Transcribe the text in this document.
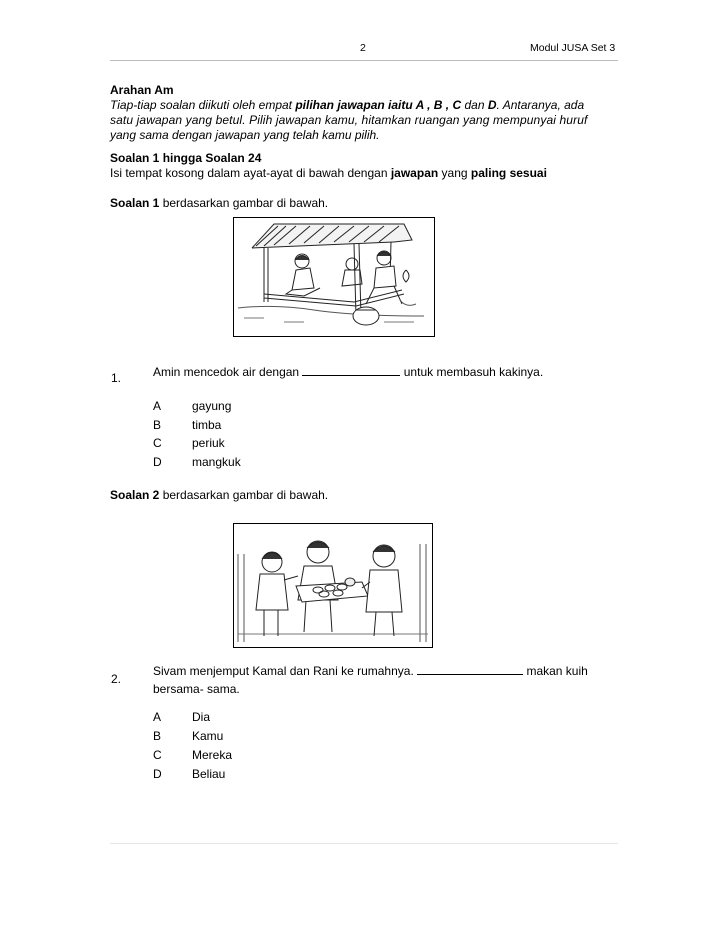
2	Modul JUSA Set 3
Arahan Am
Tiap-tiap soalan diikuti oleh empat pilihan jawapan iaitu A , B , C dan D. Antaranya, ada
satu jawapan yang betul. Pilih jawapan kamu, hitamkan ruangan yang mempunyai huruf
yang sama dengan jawapan yang telah kamu pilih.
Soalan 1 hingga Soalan 24
Isi tempat kosong dalam ayat-ayat di bawah dengan jawapan yang paling sesuai
Soalan 1 berdasarkan gambar di bawah.
1.	Amin mencedok air dengan	untuk membasuh kakinya.
A	gayung
B	timba
C	periuk
D	mangkuk
Soalan 2 berdasarkan gambar di bawah.
2.
Sivam menjemput Kamal dan Rani ke rumahnya.	makan kuih
bersama- sama.
A	Dia
B	Kamu
C	Mereka
D	Beliau
